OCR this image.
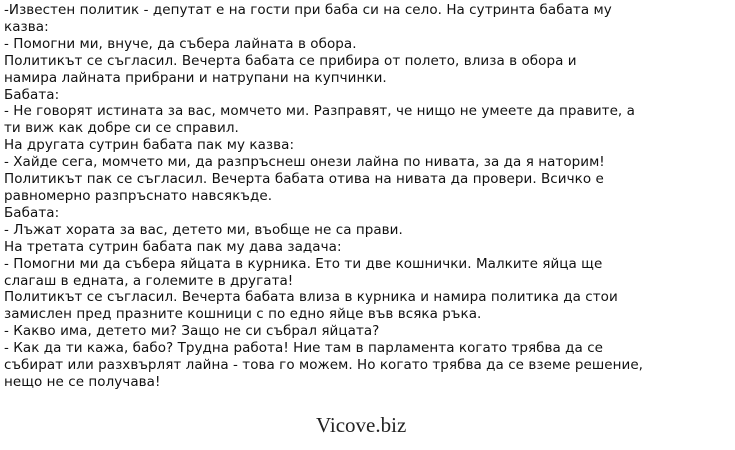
-Известен политик - депутат е на гости при баба си на село. На сутринта бабата му
казва:
- Помогни ми, внуче, да събера лайната в обора.
Политикът се съгласил. Вечерта бабата се прибира от полето, влиза в обора и
намира лайната прибрани и натрупани на купчинки.
Бабата:
- Не говорят истината за вас, момчето ми. Разправят, че нищо не умеете да правите, а
ти виж как добре си се справил.
На другата сутрин бабата пак му казва:
- Хайде сега, момчето ми, да разпръснеш онези лайна по нивата, за да я наторим!
Политикът пак се съгласил. Вечерта бабата отива на нивата да провери. Всичко е
равномерно разпръснато навсякъде.
Бабата:
- Лъжат хората за вас, детето ми, въобще не са прави.
На третата сутрин бабата пак му дава задача:
- Помогни ми да събера яйцата в курника. Ето ти две кошнички. Малките яйца ще
слагаш в едната, а големите в другата!
Политикът се съгласил. Вечерта бабата влиза в курника и намира политика да стои
замислен пред празните кошници с по едно яйце във всяка ръка.
- Какво има, детето ми? Защо не си събрал яйцата?
- Как да ти кажа, бабо? Трудна работа! Ние там в парламента когато трябва да се
събират или разхвърлят лайна - това го можем. Но когато трябва да се вземе решение,
нещо не се получава!
Vicove.biz
